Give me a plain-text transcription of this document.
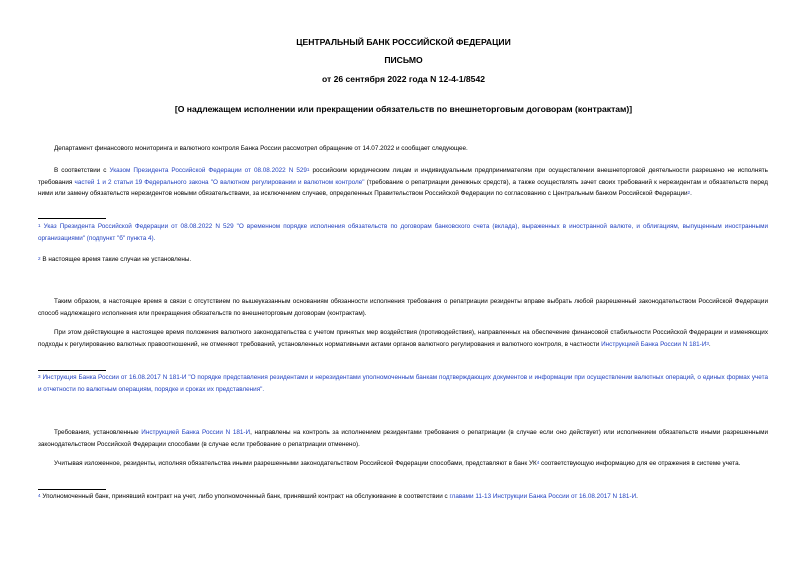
ЦЕНТРАЛЬНЫЙ БАНК РОССИЙСКОЙ ФЕДЕРАЦИИ
ПИСЬМО
от 26 сентября 2022 года N 12-4-1/8542
[О надлежащем исполнении или прекращении обязательств по внешнеторговым договорам (контрактам)]
Департамент финансового мониторинга и валютного контроля Банка России рассмотрел обращение от 14.07.2022 и сообщает следующее.
В соответствии с Указом Президента Российской Федерации от 08.08.2022 N $529^1$ российским юридическим лицам и индивидуальным предпринимателям при осуществлении внешнеторговой деятельности разрешено не исполнять требования частей 1 и 2 статьи 19 Федерального закона "О валютном регулировании и валютном контроле" (требование о репатриации денежных средств), а также осуществлять зачет своих требований к нерезидентам и обязательств перед ними или замену обязательств нерезидентов новыми обязательствами, за исключением случаев, определенных Правительством Российской Федерации по согласованию с Центральным банком Российской Федерации$^2$.
$^1$ Указ Президента Российской Федерации от 08.08.2022 N 529 "О временном порядке исполнения обязательств по договорам банковского счета (вклада), выраженных в иностранной валюте, и облигациям, выпущенным иностранными организациями" (подпункт "б" пункта 4).
$^2$ В настоящее время такие случаи не установлены.
Таким образом, в настоящее время в связи с отсутствием по вышеуказанным основаниям обязанности исполнения требования о репатриации резиденты вправе выбрать любой разрешенный законодательством Российской Федерации способ надлежащего исполнения или прекращения обязательств по внешнеторговым договорам (контрактам).
При этом действующие в настоящее время положения валютного законодательства с учетом принятых мер воздействия (противодействия), направленных на обеспечение финансовой стабильности Российской Федерации и изменяющих подходы к регулированию валютных правоотношений, не отменяют требований, установленных нормативными актами органов валютного регулирования и валютного контроля, в частности Инструкцией Банка России N $181-И^3$.
$^3$ Инструкция Банка России от 16.08.2017 N 181-И "О порядке представления резидентами и нерезидентами уполномоченным банкам подтверждающих документов и информации при осуществлении валютных операций, о единых формах учета и отчетности по валютным операциям, порядке и сроках их представления".
Требования, установленные Инструкцией Банка России N 181-И, направлены на контроль за исполнением резидентами требования о репатриации (в случае если оно действует) или исполнением обязательств иными разрешенными законодательством Российской Федерации способами (в случае если требование о репатриации отменено).
Учитывая изложенное, резиденты, исполняя обязательства иными разрешенными законодательством Российской Федерации способами, представляют в банк $УК^4$ соответствующую информацию для ее отражения в системе учета.
$^4$ Уполномоченный банк, принявший контракт на учет, либо уполномоченный банк, принявший контракт на обслуживание в соответствии с главами 11-13 Инструкции Банка России от 16.08.2017 N 181-И.
